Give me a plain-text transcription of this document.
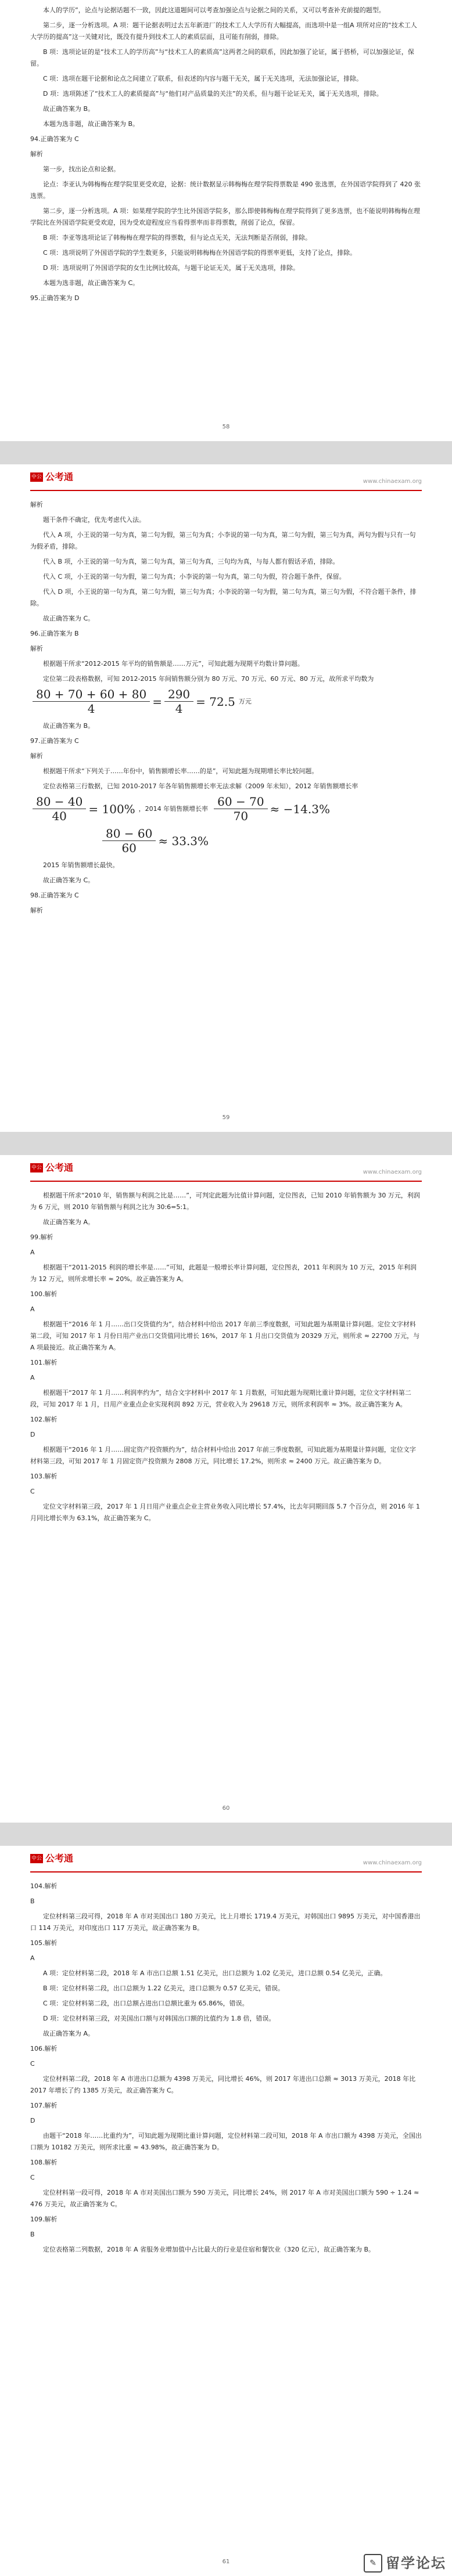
本人的学历”，论点与论据话题不一致，因此这道题间可以考查加强论点与论据之间的关系，又可以考查补充前提的题型。

第二步，逐一分析选项。A 项：题干论据表明过去五年新进厂的技术工人大学历有大幅提高，而选项中是一组A 项所对应的“技术工人大学历的提高”这一关键对比，既没有提升到技术工人的素质层面，且可能有削弱，排除。

B 项：选项论证的是“技术工人的学历高”与“技术工人的素质高”这两者之间的联系，因此加强了论证，属于搭桥，可以加强论证，保留。

C 项：选项在题干论据和论点之间建立了联系，但表述的内容与题干无关，属于无关选项，无法加强论证，排除。

D 项：选项陈述了“技术工人的素质提高”与“他们对产品质量的关注”的关系，但与题干论证无关，属于无关选项，排除。

故正确答案为 B。

本题为选非题，故正确答案为 B。

94.正确答案为 C

解析

第一步，找出论点和论据。

论点：李亚认为韩梅梅在理学院里更受欢迎，论据：统计数据显示韩梅梅在理学院得票数是 490 张选票，在外国语学院得到了 420 张选票。

第二步，逐一分析选项。A 项：如果理学院的学生比外国语学院多，那么即使韩梅梅在理学院得到了更多选票，也不能说明韩梅梅在理学院比在外国语学院更受欢迎，因为受欢迎程度应当看得票率而非得票数，削弱了论点，保留。

B 项：李亚等选项论证了韩梅梅在理学院的得票数，但与论点无关，无法判断是否削弱，排除。

C 项：选项说明了外国语学院的学生数更多，只能说明韩梅梅在外国语学院的得票率更低，支持了论点，排除。

D 项：选项说明了外国语学院的女生比例比较高，与题干论证无关，属于无关选项，排除。

本题为选非题，故正确答案为 C。

95.正确答案为 D

58
中公 公考通	www.chinaexam.org

解析

题干条件不确定，优先考虑代入法。

代入 A 项，小王说的第一句为真，第二句为假，第三句为真；小李说的第一句为真，第二句为假，第三句为真，两句为假与只有一句为假矛盾，排除。

代入 B 项，小王说的第一句为真，第二句为真，第三句为真，三句均为真，与每人都有假话矛盾，排除。

代入 C 项，小王说的第一句为假，第二句为真；小李说的第一句为真，第二句为假，符合题干条件，保留。

代入 D 项，小王说的第一句为真，第二句为假，第三句为真；小李说的第一句为假，第二句为真，第三句为假，不符合题干条件，排除。

故正确答案为 C。

96.正确答案为 B

解析

根据题干所求“2012-2015 年平均的销售额是……万元”，可知此题为现期平均数计算问题。

定位第二段表格数据，可知 2012-2015 年间销售额分别为 80 万元、70 万元、60 万元、80 万元，故所求平均数为

$\frac{80 + 70 + 60 + 80}{4} = \frac{290}{4} = 72.5$ 万元

故正确答案为 B。

97.正确答案为 C

解析

根据题干所求“下列关于……年份中，销售额增长率……的是”，可知此题为现期增长率比较问题。

定位表格第三行数据，已知 2010-2017 年各年销售额增长率无法求解（2009 年未知），2012 年销售额增长率

$\frac{80 - 40}{40} = 100\%$ ，2014 年销售额增长率 $\frac{60 - 70}{70} \approx -14.3\%$
$\frac{80 - 60}{60} \approx 33.3\%$

2015 年销售额增长最快。

故正确答案为 C。

98.正确答案为 C

解析

59
中公 公考通	www.chinaexam.org

根据题干所求“2010 年，销售额与利润之比是……”，可判定此题为比值计算问题，定位图表，已知 2010 年销售额为 30 万元，利润为 6 万元，则 2010 年销售额与利润之比为 30:6=5:1。

故正确答案为 A。

99.解析

A

根据题干“2011-2015 利润的增长率是……”可知，此题是一般增长率计算问题，定位图表，2011 年利润为 10 万元，2015 年利润为 12 万元，则所求增长率 ≈ 20%。故正确答案为 A。

100.解析

A

根据题干“2016 年 1 月……出口交货值约为”，结合材料中给出 2017 年前三季度数据，可知此题为基期量计算问题。定位文字材料第二段，可知 2017 年 1 月份日用产业出口交货值同比增长 16%，2017 年 1 月出口交货值为 20329 万元，则所求 ≈ 22700 万元，与 A 项最接近。故正确答案为 A。

101.解析

A

根据题干“2017 年 1 月……利润率约为”，结合文字材料中 2017 年 1 月数据，可知此题为现期比重计算问题，定位文字材料第二段，可知 2017 年 1 月，日用产业重点企业实现利润 892 万元，营业收入为 29618 万元，则所求利润率 ≈ 3%。故正确答案为 A。

102.解析

D

根据题干“2016 年 1 月……固定资产投资额约为”，结合材料中给出 2017 年前三季度数据，可知此题为基期量计算问题，定位文字材料第三段，可知 2017 年 1 月固定资产投资额为 2808 万元，同比增长 17.2%，则所求 ≈ 2400 万元。故正确答案为 D。

103.解析

C

定位文字材料第三段，2017 年 1 月日用产业重点企业主营业务收入同比增长 57.4%，比去年同期回落 5.7 个百分点，则 2016 年 1 月同比增长率为 63.1%，故正确答案为 C。

60
中公 公考通	www.chinaexam.org

104.解析

B

定位材料第三段可得，2018 年 A 市对美国出口 180 万美元，比上月增长 1719.4 万美元，对韩国出口 9895 万美元，对中国香港出口 114 万美元，对印度出口 117 万美元，故正确答案为 B。

105.解析

A

A 项：定位材料第二段，2018 年 A 市出口总额 1.51 亿美元，出口总额为 1.02 亿美元，进口总额 0.54 亿美元，正确。

B 项：定位材料第二段，出口总额为 1.22 亿美元，进口总额为 0.57 亿美元，错误。

C 项：定位材料第二段，出口总额占进出口总额比重为 65.86%，错误。

D 项：定位材料第三段，对美国出口额与对韩国出口额的比值约为 1.8 倍，错误。

故正确答案为 A。

106.解析

C

定位材料第二段，2018 年 A 市进出口总额为 4398 万美元，同比增长 46%，则 2017 年进出口总额 ≈ 3013 万美元，2018 年比 2017 年增长了约 1385 万美元，故正确答案为 C。

107.解析

D

由题干“2018 年……比重约为”，可知此题为现期比重计算问题，定位材料第二段可知，2018 年 A 市出口额为 4398 万美元，全国出口额为 10182 万美元，则所求比重 ≈ 43.98%，故正确答案为 D。

108.解析

C

定位材料第一段可得，2018 年 A 市对美国出口额为 590 万美元，同比增长 24%，则 2017 年 A 市对美国出口额为 590 ÷ 1.24 ≈ 476 万美元，故正确答案为 C。

109.解析

B

定位表格第二列数据，2018 年 A 省服务业增加值中占比最大的行业是住宿和餐饮业（320 亿元），故正确答案为 B。

61	✎ 留学论坛
